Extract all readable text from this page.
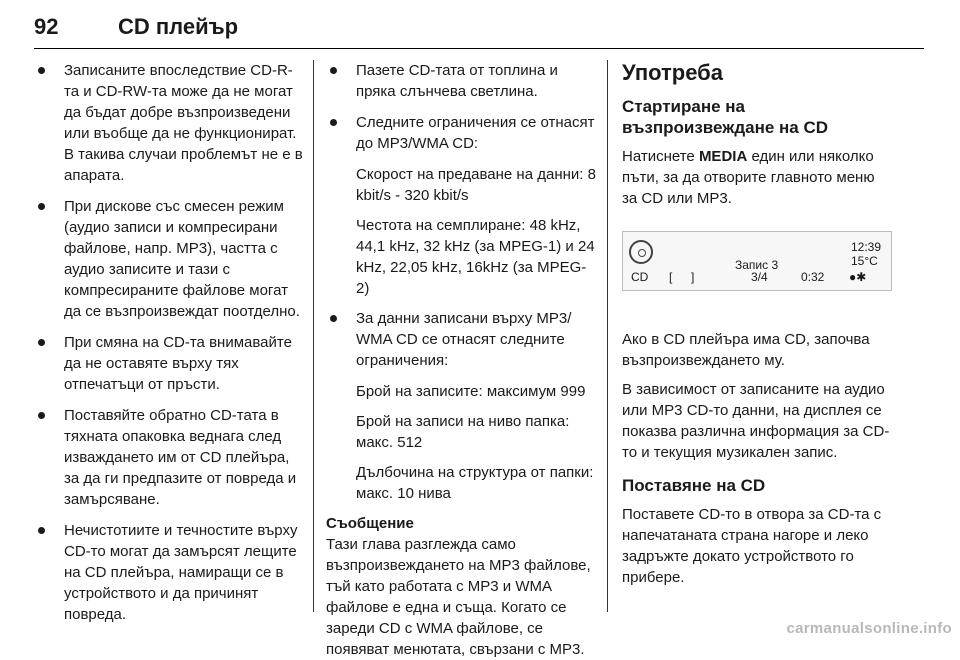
92	CD плейър
Записаните впоследствие CD-R-та и CD-RW-та може да не могат да бъдат добре възпроизведени или въобще да не функционират. В такива случаи проблемът не е в апарата.
При дискове със смесен режим (аудио записи и компресирани файлове, напр. MP3), частта с аудио записите и тази с компресираните файлове могат да се възпроизвеждат поотделно.
При смяна на CD-та внимавайте да не оставяте върху тях отпечатъци от пръсти.
Поставяйте обратно CD-тата в тяхната опаковка веднага след изваждането им от CD плейъра, за да ги предпазите от повреда и замърсяване.
Нечистотиите и течностите върху CD-то могат да замърсят лещите на CD плейъра, намиращи се в устройството и да причинят повреда.
Пазете CD-тата от топлина и пряка слънчева светлина.
Следните ограничения се отнасят до MP3/WMA CD:
Скорост на предаване на данни: 8 kbit/s - 320 kbit/s
Честота на семплиране: 48 kHz, 44,1 kHz, 32 kHz (за MPEG-1) и 24 kHz, 22,05 kHz, 16kHz (за MPEG-2)
За данни записани върху MP3/ WMA CD се отнасят следните ограничения:
Брой на записите: максимум 999
Брой на записи на ниво папка: макс. 512
Дълбочина на структура от папки: макс. 10 нива
Съобщение
Тази глава разглежда само възпроизвеждането на MP3 файлове, тъй като работата с MP3 и WMA файлове е една и съща. Когато се зареди CD с WMA файлове, се появяват менютата, свързани с MP3.
Употреба
Стартиране на възпроизвеждане на CD
Натиснете MEDIA един или няколко пъти, за да отворите главното меню за CD или MP3.
CD [ ]
Запис 3
3/4	0:32
12:39
15°C
●✱
Ако в CD плейъра има CD, започва възпроизвеждането му.
В зависимост от записаните на аудио или MP3 CD-то данни, на дисплея се показва различна информация за CD-то и текущия музикален запис.
Поставяне на CD
Поставете CD-то в отвора за CD-та с напечатаната страна нагоре и леко задръжте докато устройството го прибере.
carmanualsonline.info
